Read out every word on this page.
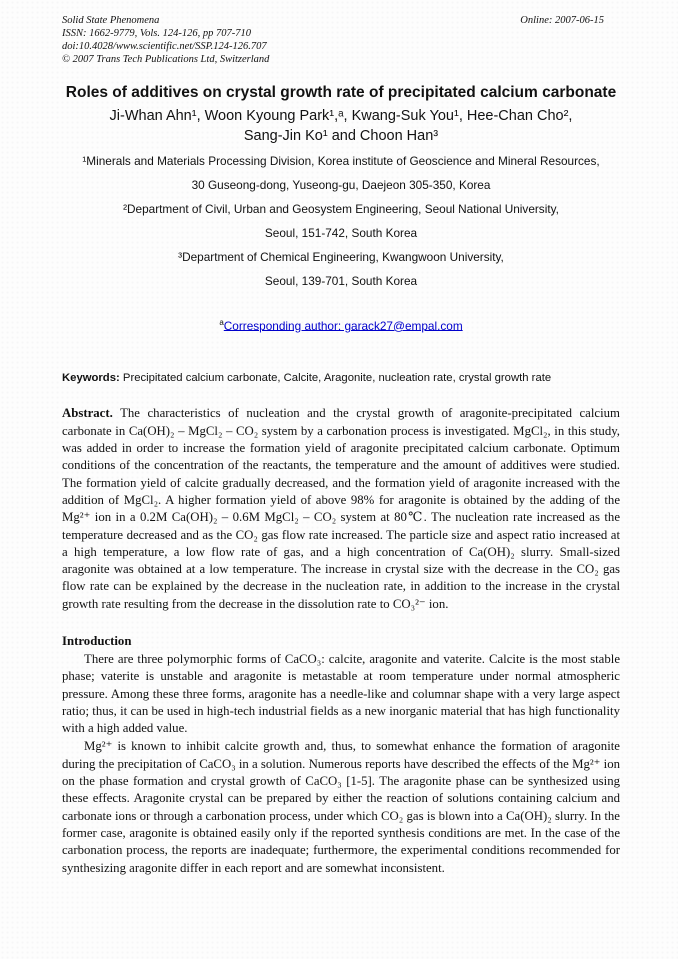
Solid State Phenomena
ISSN: 1662-9779, Vols. 124-126, pp 707-710
doi:10.4028/www.scientific.net/SSP.124-126.707
© 2007 Trans Tech Publications Ltd, Switzerland
Online: 2007-06-15
Roles of additives on crystal growth rate of precipitated calcium carbonate
Ji-Whan Ahn¹, Woon Kyoung Park¹,ᵃ, Kwang-Suk You¹, Hee-Chan Cho²,
Sang-Jin Ko¹ and Choon Han³
¹Minerals and Materials Processing Division, Korea institute of Geoscience and Mineral Resources,
30 Guseong-dong, Yuseong-gu, Daejeon 305-350, Korea
²Department of Civil, Urban and Geosystem Engineering, Seoul National University,
Seoul, 151-742, South Korea
³Department of Chemical Engineering, Kwangwoon University,
Seoul, 139-701, South Korea
$^a$Corresponding author: garack27@empal.com
Keywords: Precipitated calcium carbonate, Calcite, Aragonite, nucleation rate, crystal growth rate

Abstract. The characteristics of nucleation and the crystal growth of aragonite-precipitated calcium carbonate in Ca(OH)₂ – MgCl₂ – CO₂ system by a carbonation process is investigated. MgCl₂, in this study, was added in order to increase the formation yield of aragonite precipitated calcium carbonate. Optimum conditions of the concentration of the reactants, the temperature and the amount of additives were studied. The formation yield of calcite gradually decreased, and the formation yield of aragonite increased with the addition of MgCl₂. A higher formation yield of above 98% for aragonite is obtained by the adding of the Mg²⁺ ion in a 0.2M Ca(OH)₂ – 0.6M MgCl₂ – CO₂ system at 80℃. The nucleation rate increased as the temperature decreased and as the CO₂ gas flow rate increased. The particle size and aspect ratio increased at a high temperature, a low flow rate of gas, and a high concentration of Ca(OH)₂ slurry. Small-sized aragonite was obtained at a low temperature. The increase in crystal size with the decrease in the CO₂ gas flow rate can be explained by the decrease in the nucleation rate, in addition to the increase in the crystal growth rate resulting from the decrease in the dissolution rate to CO₃²⁻ ion.

Introduction

There are three polymorphic forms of CaCO₃: calcite, aragonite and vaterite. Calcite is the most stable phase; vaterite is unstable and aragonite is metastable at room temperature under normal atmospheric pressure. Among these three forms, aragonite has a needle-like and columnar shape with a very large aspect ratio; thus, it can be used in high-tech industrial fields as a new inorganic material that has high functionality with a high added value.

Mg²⁺ is known to inhibit calcite growth and, thus, to somewhat enhance the formation of aragonite during the precipitation of CaCO₃ in a solution. Numerous reports have described the effects of the Mg²⁺ ion on the phase formation and crystal growth of CaCO₃ [1-5]. The aragonite phase can be synthesized using these effects. Aragonite crystal can be prepared by either the reaction of solutions containing calcium and carbonate ions or through a carbonation process, under which CO₂ gas is blown into a Ca(OH)₂ slurry. In the former case, aragonite is obtained easily only if the reported synthesis conditions are met. In the case of the carbonation process, the reports are inadequate; furthermore, the experimental conditions recommended for synthesizing aragonite differ in each report and are somewhat inconsistent.
